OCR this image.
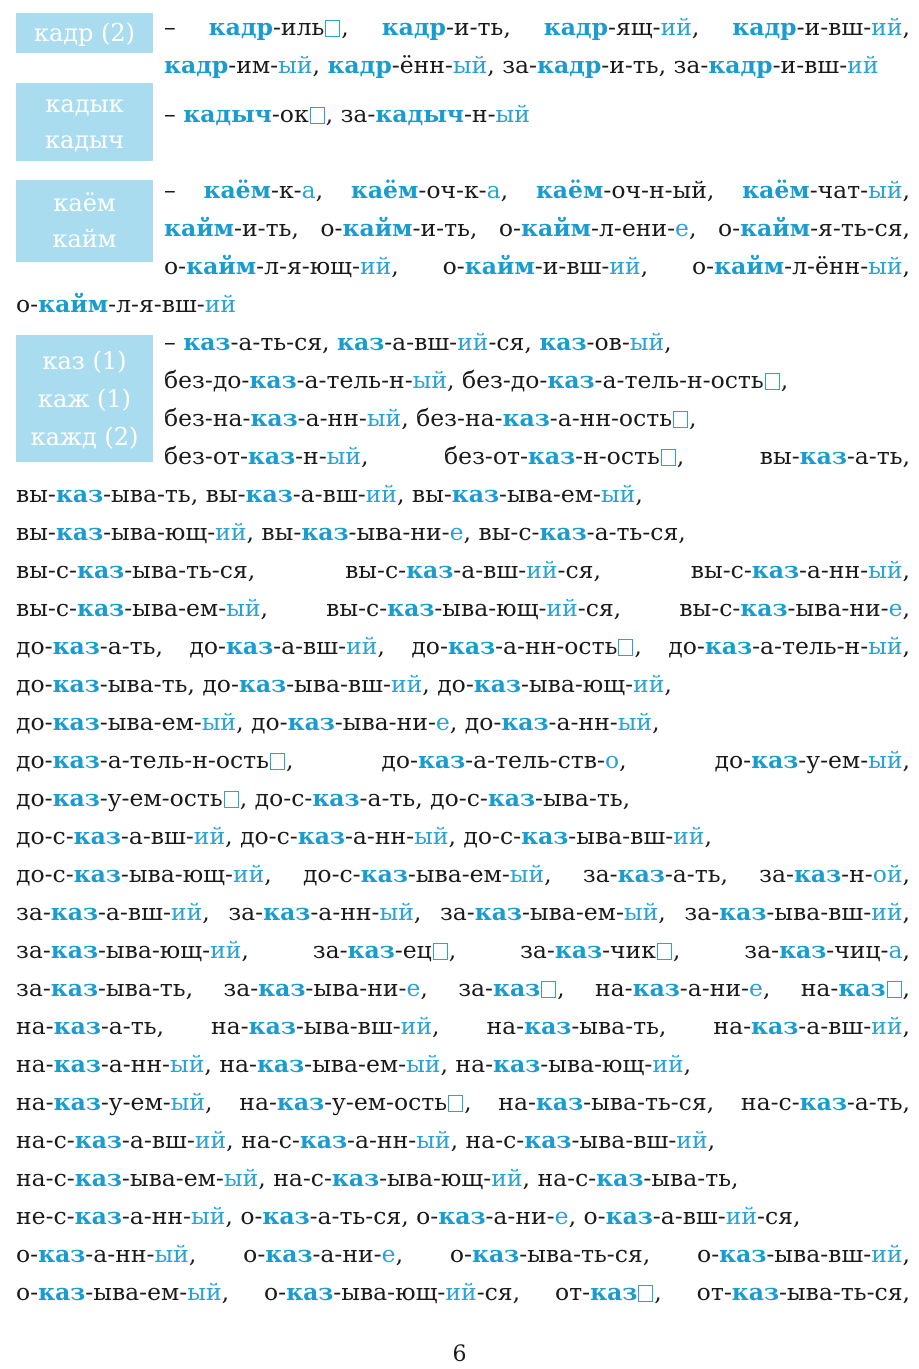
кадр (2)	– кадр-иль , кадр-и-ть, кадр-ящ-ий, кадр-и-вш-ий,
кадр-им-ый, кадр-ённ-ый, за-кадр-и-ть, за-кадр-и-вш-ий
кадык
кадыч
– кадыч-ок , за-кадыч-н-ый
каём
кайм
– каём-к-а, каём-оч-к-а, каём-оч-н-ый, каём-чат-ый,
кайм-и-ть, о-кайм-и-ть, о-кайм-л-ени-е, о-кайм-я-ть-ся,
о-кайм-л-я-ющ-ий, о-кайм-и-вш-ий, о-кайм-л-ённ-ый,
о-кайм-л-я-вш-ий
каз (1)
каж (1)
кажд (2)
– каз-а-ть-ся, каз-а-вш-ий-ся, каз-ов-ый,
без-до-каз-а-тель-н-ый, без-до-каз-а-тель-н-ость ,
без-на-каз-а-нн-ый, без-на-каз-а-нн-ость ,
без-от-каз-н-ый, без-от-каз-н-ость , вы-каз-а-ть,
вы-каз-ыва-ть, вы-каз-а-вш-ий, вы-каз-ыва-ем-ый,
вы-каз-ыва-ющ-ий, вы-каз-ыва-ни-е, вы-с-каз-а-ть-ся,
вы-с-каз-ыва-ть-ся, вы-с-каз-а-вш-ий-ся, вы-с-каз-а-нн-ый,
вы-с-каз-ыва-ем-ый, вы-с-каз-ыва-ющ-ий-ся, вы-с-каз-ыва-ни-е,
до-каз-а-ть, до-каз-а-вш-ий, до-каз-а-нн-ость , до-каз-а-тель-н-ый,
до-каз-ыва-ть, до-каз-ыва-вш-ий, до-каз-ыва-ющ-ий,
до-каз-ыва-ем-ый, до-каз-ыва-ни-е, до-каз-а-нн-ый,
до-каз-а-тель-н-ость , до-каз-а-тель-ств-о, до-каз-у-ем-ый,
до-каз-у-ем-ость , до-с-каз-а-ть, до-с-каз-ыва-ть,
до-с-каз-а-вш-ий, до-с-каз-а-нн-ый, до-с-каз-ыва-вш-ий,
до-с-каз-ыва-ющ-ий, до-с-каз-ыва-ем-ый, за-каз-а-ть, за-каз-н-ой,
за-каз-а-вш-ий, за-каз-а-нн-ый, за-каз-ыва-ем-ый, за-каз-ыва-вш-ий,
за-каз-ыва-ющ-ий, за-каз-ец , за-каз-чик , за-каз-чиц-а,
за-каз-ыва-ть, за-каз-ыва-ни-е, за-каз , на-каз-а-ни-е, на-каз ,
на-каз-а-ть, на-каз-ыва-вш-ий, на-каз-ыва-ть, на-каз-а-вш-ий,
на-каз-а-нн-ый, на-каз-ыва-ем-ый, на-каз-ыва-ющ-ий,
на-каз-у-ем-ый, на-каз-у-ем-ость , на-каз-ыва-ть-ся, на-с-каз-а-ть,
на-с-каз-а-вш-ий, на-с-каз-а-нн-ый, на-с-каз-ыва-вш-ий,
на-с-каз-ыва-ем-ый, на-с-каз-ыва-ющ-ий, на-с-каз-ыва-ть,
не-с-каз-а-нн-ый, о-каз-а-ть-ся, о-каз-а-ни-е, о-каз-а-вш-ий-ся,
о-каз-а-нн-ый, о-каз-а-ни-е, о-каз-ыва-ть-ся, о-каз-ыва-вш-ий,
о-каз-ыва-ем-ый, о-каз-ыва-ющ-ий-ся, от-каз , от-каз-ыва-ть-ся,
6
